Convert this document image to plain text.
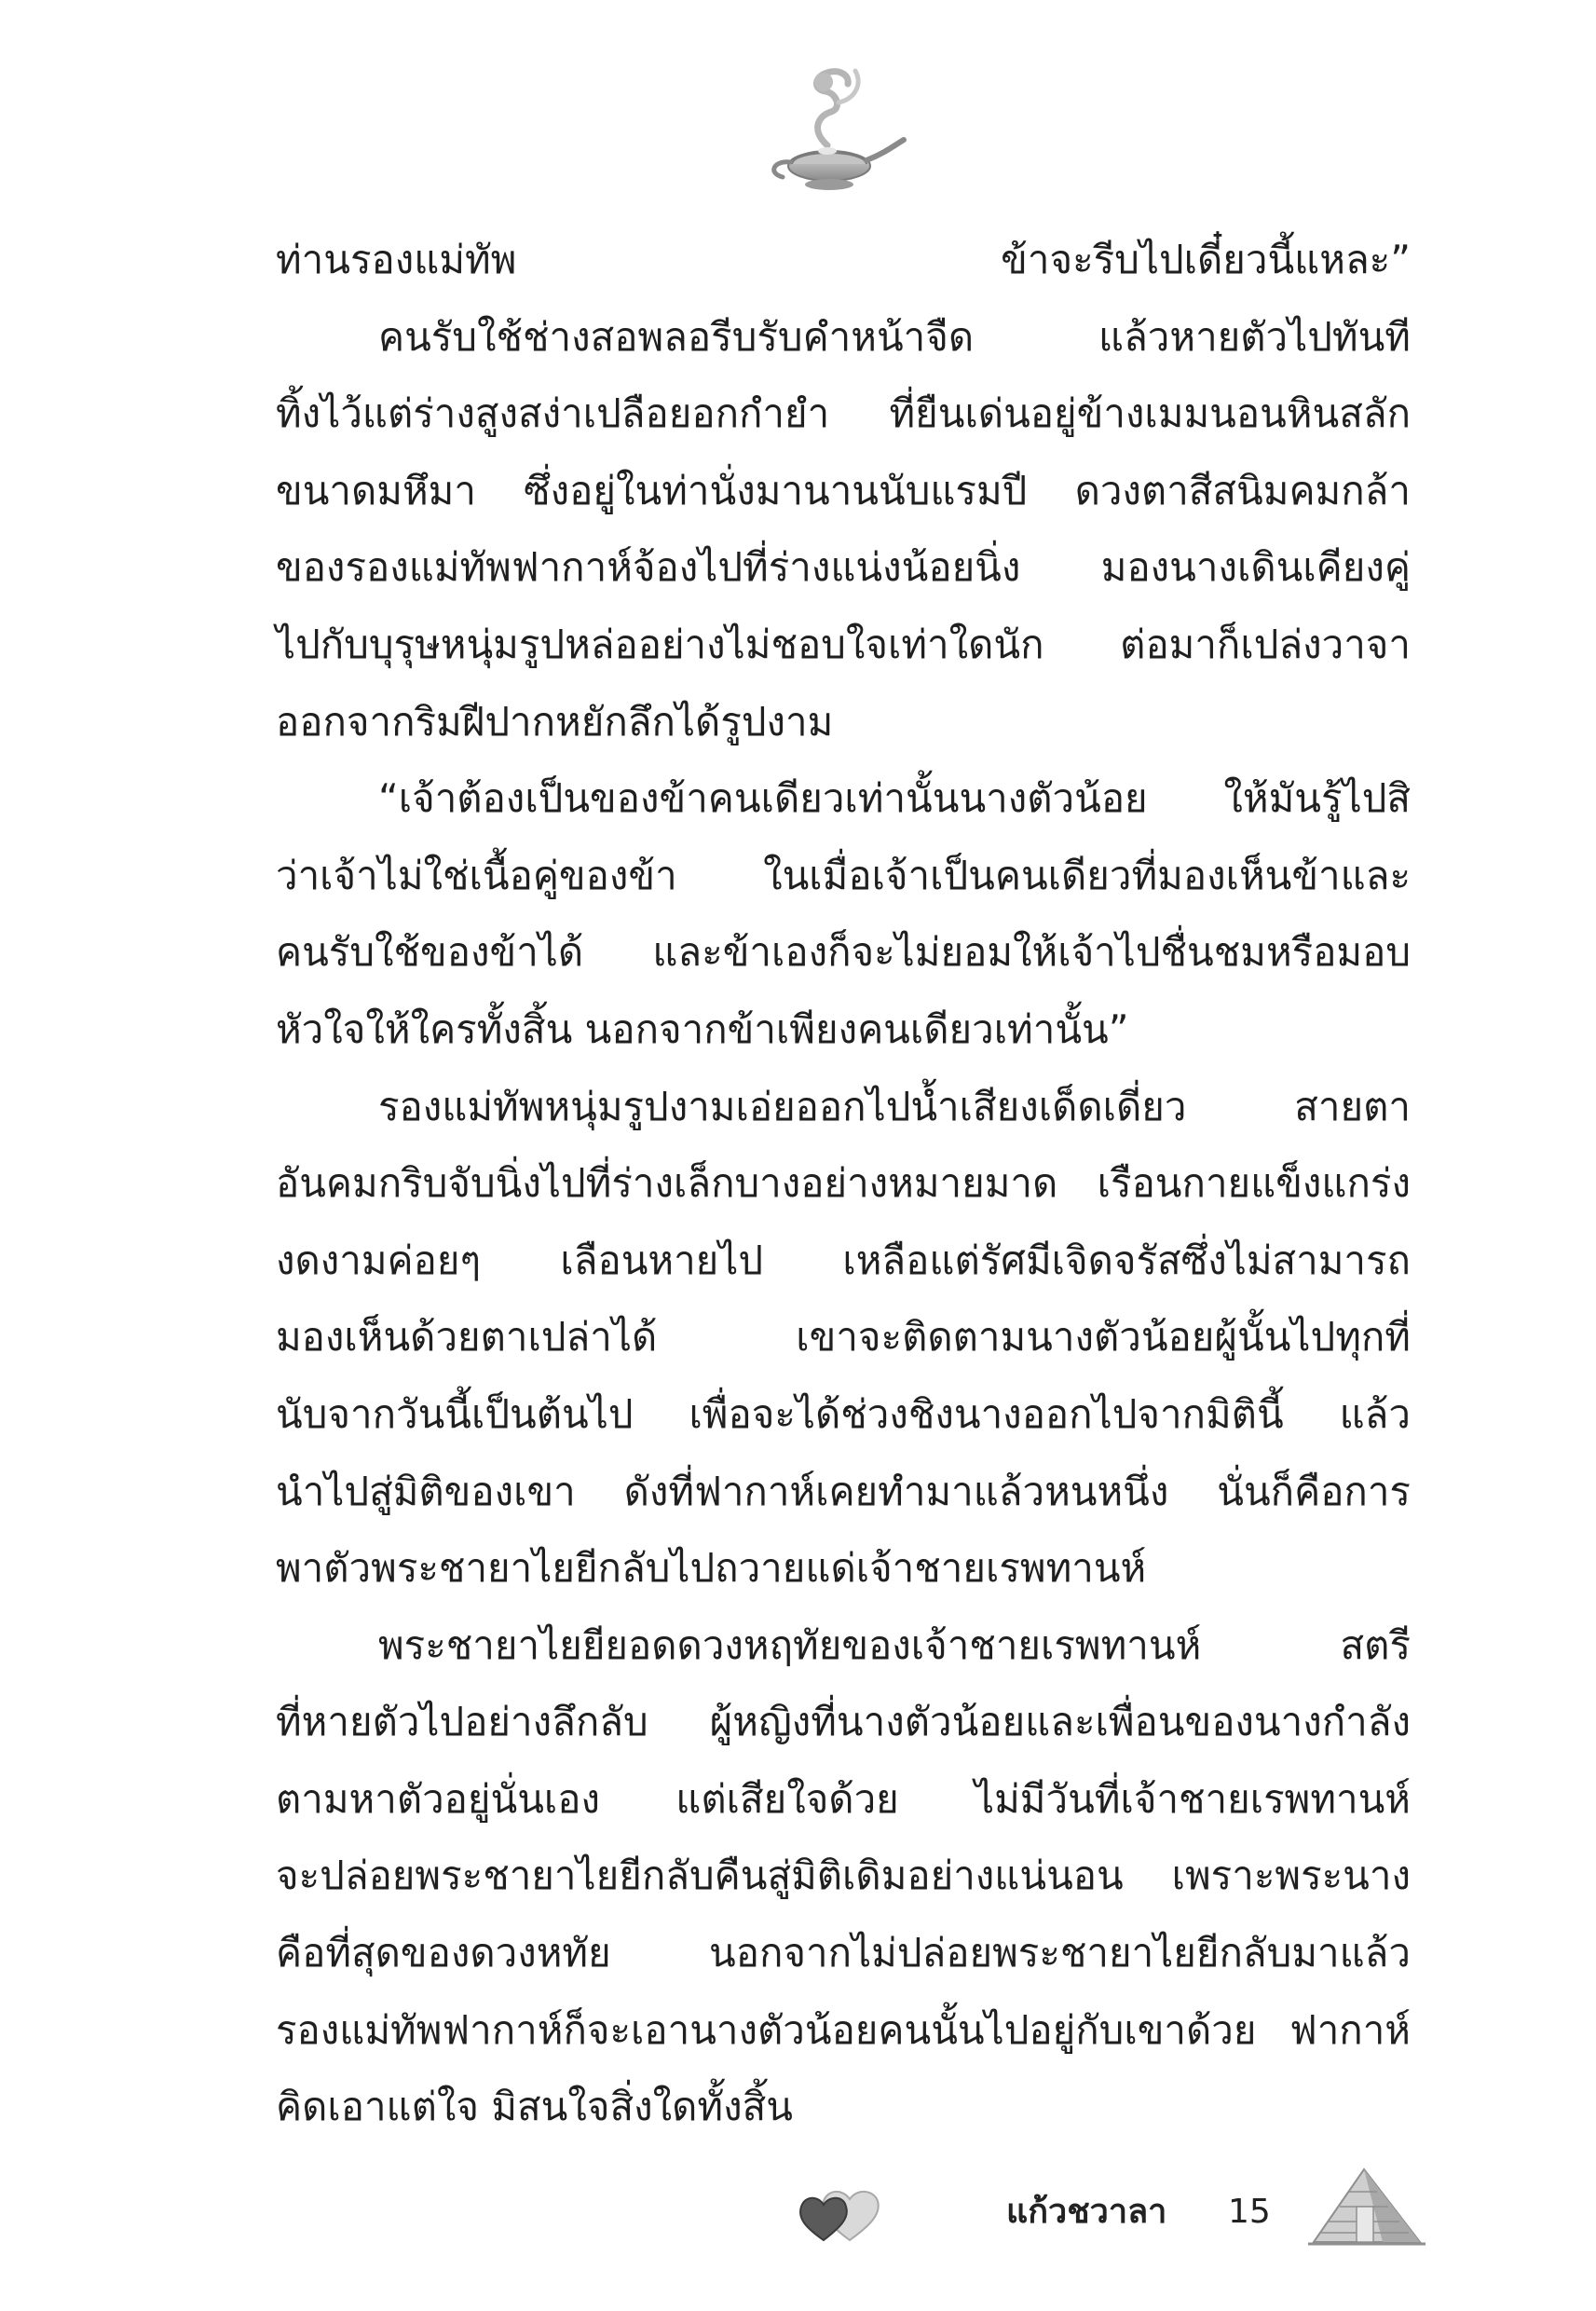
ท่านรองแม่ทัพ ข้าจะรีบไปเดี๋ยวนี้แหละ”
คนรับใช้ช่างสอพลอรีบรับคำหน้าจืด แล้วหายตัวไปทันที
ทิ้งไว้แต่ร่างสูงสง่าเปลือยอกกำยำ ที่ยืนเด่นอยู่ข้างเมมนอนหินสลัก
ขนาดมหึมา ซึ่งอยู่ในท่านั่งมานานนับแรมปี ดวงตาสีสนิมคมกล้า
ของรองแม่ทัพฟากาห์จ้องไปที่ร่างแน่งน้อยนิ่ง มองนางเดินเคียงคู่
ไปกับบุรุษหนุ่มรูปหล่ออย่างไม่ชอบใจเท่าใดนัก ต่อมาก็เปล่งวาจา
ออกจากริมฝีปากหยักลึกได้รูปงาม
“เจ้าต้องเป็นของข้าคนเดียวเท่านั้นนางตัวน้อย ให้มันรู้ไปสิ
ว่าเจ้าไม่ใช่เนื้อคู่ของข้า ในเมื่อเจ้าเป็นคนเดียวที่มองเห็นข้าและ
คนรับใช้ของข้าได้ และข้าเองก็จะไม่ยอมให้เจ้าไปชื่นชมหรือมอบ
หัวใจให้ใครทั้งสิ้น นอกจากข้าเพียงคนเดียวเท่านั้น”
รองแม่ทัพหนุ่มรูปงามเอ่ยออกไปน้ำเสียงเด็ดเดี่ยว สายตา
อันคมกริบจับนิ่งไปที่ร่างเล็กบางอย่างหมายมาด เรือนกายแข็งแกร่ง
งดงามค่อยๆ เลือนหายไป เหลือแต่รัศมีเจิดจรัสซึ่งไม่สามารถ
มองเห็นด้วยตาเปล่าได้ เขาจะติดตามนางตัวน้อยผู้นั้นไปทุกที่
นับจากวันนี้เป็นต้นไป เพื่อจะได้ช่วงชิงนางออกไปจากมิตินี้ แล้ว
นำไปสู่มิติของเขา ดังที่ฟากาห์เคยทำมาแล้วหนหนึ่ง นั่นก็คือการ
พาตัวพระชายาไยยีกลับไปถวายแด่เจ้าชายเรพทานห์
พระชายาไยยียอดดวงหฤทัยของเจ้าชายเรพทานห์ สตรี
ที่หายตัวไปอย่างลึกลับ ผู้หญิงที่นางตัวน้อยและเพื่อนของนางกำลัง
ตามหาตัวอยู่นั่นเอง แต่เสียใจด้วย ไม่มีวันที่เจ้าชายเรพทานห์
จะปล่อยพระชายาไยยีกลับคืนสู่มิติเดิมอย่างแน่นอน เพราะพระนาง
คือที่สุดของดวงหทัย นอกจากไม่ปล่อยพระชายาไยยีกลับมาแล้ว
รองแม่ทัพฟากาห์ก็จะเอานางตัวน้อยคนนั้นไปอยู่กับเขาด้วย ฟากาห์
คิดเอาแต่ใจ มิสนใจสิ่งใดทั้งสิ้น
แก้วชวาลา 15
